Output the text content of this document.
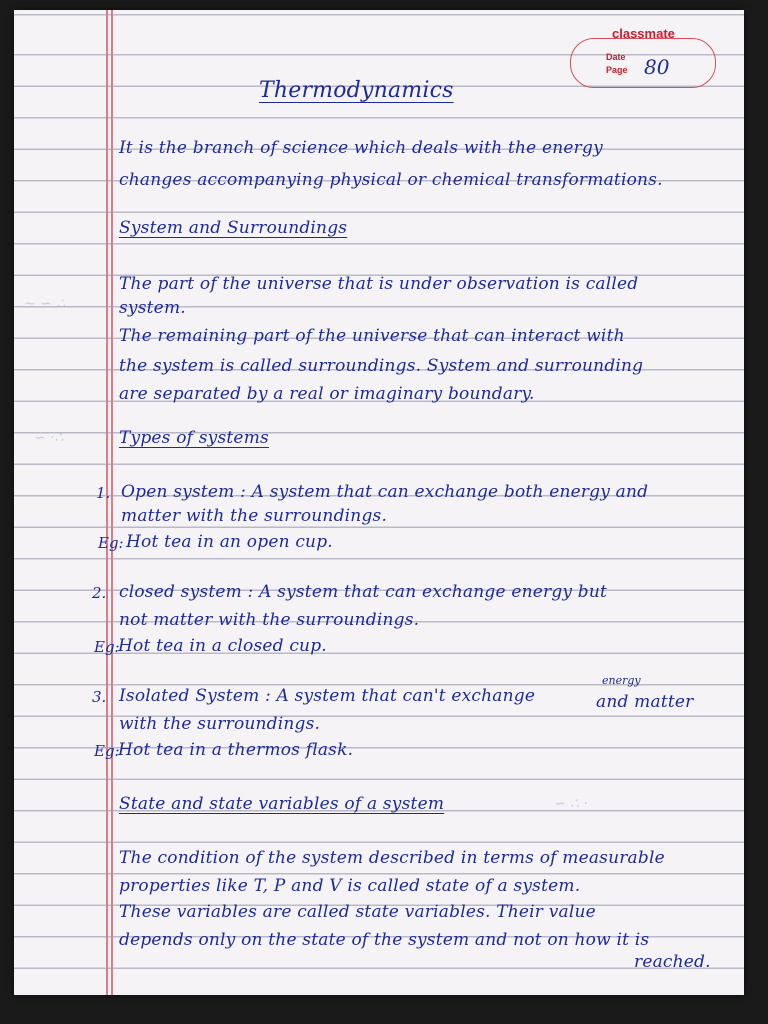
classmate
Date
Page 80
~ ∽ ∴
∽ ·∴
∽ ∴ ·
Thermodynamics
It is the branch of science which deals with the energy
changes accompanying physical or chemical transformations.
System and Surroundings
The part of the universe that is under observation is called
system.
The remaining part of the universe that can interact with
the system is called surroundings. System and surrounding
are separated by a real or imaginary boundary.
Types of systems
1. Open system : A system that can exchange both energy and
matter with the surroundings.
Eg: Hot tea in an open cup.
2. closed system : A system that can exchange energy but
not matter with the surroundings.
Eg:
Hot tea in a closed cup.
3. Isolated System : A system that can't exchange
energy
and matter
with the surroundings.
Eg:
Hot tea in a thermos flask.
State and state variables of a system
The condition of the system described in terms of measurable
properties like T, P and V is called state of a system.
These variables are called state variables. Their value
depends only on the state of the system and not on how it is
reached.
